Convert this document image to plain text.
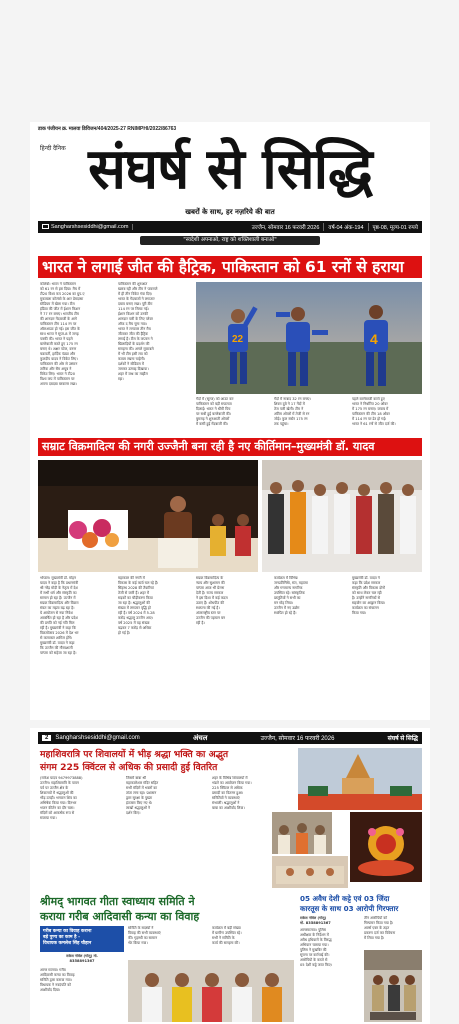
डाक पंजीयन क्र. मालवा डिविजन/404/2025-27 RNIMPHI/2022/86763
हिन्दी दैनिक संघर्ष से सिद्धि
खबरों के साथ, हर नज़रिये की बात
Sangharshsesiddhi@gmail.com	उज्जैन, सोमवार 16 फरवरी 2026	वर्ष-04 अंक-194	पृष्ठ-08, मूल्य-01 रुपये
"स्वदेशी अपनाओ, राष्ट्र को शक्तिशाली बनाओ"
भारत ने लगाई जीत की हैट्रिक, पाकिस्तान को 61 रनों से हराया
कोलंबो। भारत ने पाकिस्तान
को 61 रन से हरा दिया। मैच में
टी20 विश्व कप 2026 का ग्रुप-ए
मुकाबला कोलंबो के आर प्रेमदासा
स्टेडियम में खेला गया। टीम
इंडिया की जीत में ईशान किशन
ने 77 रन बनाए। भारतीय टीम
की शानदार गेंदबाजी के आगे
पाकिस्तान टीम 114 रन पर
ऑलआउट हो गई। इस जीत के
साथ भारत ने सुपर-8 में जगह
पक्की की। भारत ने पहले
बल्लेबाजी करते हुए 175 रन
बनाए थे। अक्षर पटेल, वरुण
चक्रवर्ती, हार्दिक पंड्या और
कुलदीप यादव ने विकेट लिए।
पाकिस्तान की ओर से उस्मान
तारिक और सैम अयूब ने
विकेट लिए। भारत ने टी20
विश्व कप में पाकिस्तान पर
अपना दबदबा बरकरार रखा।
पाकिस्तान की शुरुआत
खराब रही और टीम ने पावरप्ले
में ही तीन विकेट गंवा दिए।
भारत के गेंदबाजों ने लगातार
दबाव बनाए रखा। पूरी टीम
114 रन पर सिमट गई।
ईशान किशन को उनकी
शानदार पारी के लिए प्लेयर
ऑफ द मैच चुना गया।
भारत ने लगातार तीन मैच
जीतकर जीत की हैट्रिक
लगाई है। टीम के कप्तान ने
खिलाड़ियों के प्रदर्शन की
सराहना की। अगले मुकाबले
में भी टीम इसी लय को
कायम रखना चाहेगी।
दर्शकों ने स्टेडियम में
जमकर उत्साह दिखाया।
शहर में जश्न का माहौल
रहा।
22	4
गेंदों में (सूरज) को आउट कर
पाकिस्तान को बड़ी सफलता
दिलाई। भारत ने धीमी पिच
पर सधी हुई बल्लेबाजी की।
बुमराह ने शुरुआती ओवरों
में कसी हुई गेंदबाजी की।
गेंदों में नाबाद 32 रन बनाए।
शिवम दुबे ने 17 गेंदों में
तेज पारी खेली। टीम ने
अंतिम ओवरों में तेजी से रन
जोड़े। कुल स्कोर 175 रन
तक पहुंचा।
पहले बल्लेबाजी करते हुए
भारत ने निर्धारित 20 ओवर
में 175 रन बनाए। जवाब में
पाकिस्तान की टीम 18 ओवर
में 114 रन पर ढेर हो गई।
भारत ने 61 रनों से जीत दर्ज की।
सम्राट विक्रमादित्य की नगरी उज्जैनी बना रही है नए कीर्तिमान–मुख्यमंत्री डॉ. यादव
भोपाल। मुख्यमंत्री डॉ. मोहन
यादव ने कहा है कि प्रधानमंत्री
श्री नरेंद्र मोदी के नेतृत्व में देश
में सभी धर्म और संस्कृति का
सम्मान हो रहा है। उज्जैन में
सम्राट विक्रमादित्य और विक्रम
संवत का महत्व बढ़ रहा है।
ये आयोजन से नया निवेश
आकर्षित हो रहा है और प्रदेश
की प्रगति को नई गति मिल
रही है। मुख्यमंत्री ने कहा कि
विक्रमोत्सव 2026 में देश भर
से कलाकार शामिल होंगे।
मुख्यमंत्री डॉ. यादव ने कहा
कि उज्जैन की गौरवशाली
परंपरा को सहेजा जा रहा है।
महाकाल की नगरी में
विकास के कई कार्य चल रहे हैं।
सिंहस्थ 2028 की तैयारियां
तेजी से जारी हैं। शहर में
सड़कों का चौड़ीकरण किया
जा रहा है। श्रद्धालुओं की
संख्या में लगातार वृद्धि हो
रही है। वर्ष 2024 में 5.28
करोड़ श्रद्धालु उज्जैन आए।
वर्ष 2025 में यह संख्या
बढ़कर 7 करोड़ से अधिक
हो गई है।
सम्राट विक्रमादित्य के
न्याय और सुशासन की
परंपरा आज भी प्रेरणा
देती है। राज्य सरकार
ने इस दिशा में कई कदम
उठाए हैं। शोधपीठ की
स्थापना की गई है।
अंतरराष्ट्रीय स्तर पर
उज्जैन की पहचान बन
रही है।
कार्यक्रम में विभिन्न
जनप्रतिनिधि, संत, महात्मा
और गणमान्य नागरिक
उपस्थित रहे। सांस्कृतिक
प्रस्तुतियों ने सभी का
मन मोह लिया।
उज्जैन में नए उद्योग
स्थापित हो रहे हैं।
मुख्यमंत्री डॉ. यादव ने
कहा कि प्रदेश सरकार
संस्कृति और विकास दोनों
को साथ लेकर चल रही
है। उन्होंने नागरिकों से
सहयोग का आह्वान किया।
कार्यक्रम का संचालन
किया गया।
2	Sangharshsesiddhi@gmail.com	अंचल	उज्जैन, सोमवार 16 फरवरी 2026	संघर्ष से सिद्धि
महाशिवरात्रि पर शिवालयों में भीड़ श्रद्धा भक्ति का अद्भुत
संगम 225 क्विंटल से अधिक की प्रसादी हुई वितरित
(राकेश यादव 9479973888)
उज्जैन। महाशिवरात्रि के पावन
पर्व पर उज्जैन क्षेत्र के
शिवालयों में श्रद्धालुओं की
भीड़ उमड़ी। भगवान शिव का
अभिषेक किया गया। दिनभर
भजन कीर्तन का दौर चला।
मंदिरों को आकर्षक रूप से
सजाया गया।
जिसमें बाबा श्री
महाकालेश्वर मंदिर सहित
सभी मंदिरों में भक्तों का
तांता लगा रहा। प्रशासन
द्वारा सुरक्षा के पुख्ता
इंतजाम किए गए थे।
लाखों श्रद्धालुओं ने
दर्शन किए।
शहर के विभिन्न शिवालयों में
भंडारे का आयोजन किया गया।
225 क्विंटल से अधिक
प्रसादी का वितरण हुआ।
समितियों ने व्यवस्थाएं
संभालीं। श्रद्धालुओं ने
बाबा का आशीर्वाद लिया।
श्रीमद् भागवत गीता स्वाध्याय समिति ने
कराया गरीब आदिवासी कन्या का विवाह
गरीब कन्या का विवाह कराना
बड़े पुण्य का काम है -
विधायक कमलेश सिंह चौहान
राकेश नोवेल (गोलू) मो.
8358891367
आगर मालवा। गरीब
आदिवासी कन्या का विवाह
समिति द्वारा कराया गया।
विधायक ने नवदंपति को
आशीर्वाद दिया।
समिति के सदस्यों ने
विवाह की सभी व्यवस्थाएं
कीं। गृहस्थी का सामान
भेंट किया गया।
कार्यक्रम में बड़ी संख्या
में ग्रामीण उपस्थित रहे।
सभी ने समिति के
कार्य की सराहना की।
05 अवैध देशी कट्टे एवं 03 जिंदा
कारतूस के साथ 03 आरोपी गिरफ्तार
राकेश नोवेल (गोलू)
मो. 8358891367
आगरमालवा। पुलिस
अधीक्षक के निर्देशन में
अवैध हथियारों के विरुद्ध
अभियान चलाया गया।
पुलिस ने मुखबिर की
सूचना पर कार्रवाई की।
आरोपियों के कब्जे से
05 देशी कट्टे जब्त किए।
तीन आरोपियों को
गिरफ्तार किया गया है।
आर्म्स एक्ट के तहत
प्रकरण दर्ज कर विवेचना
में लिया गया है।
